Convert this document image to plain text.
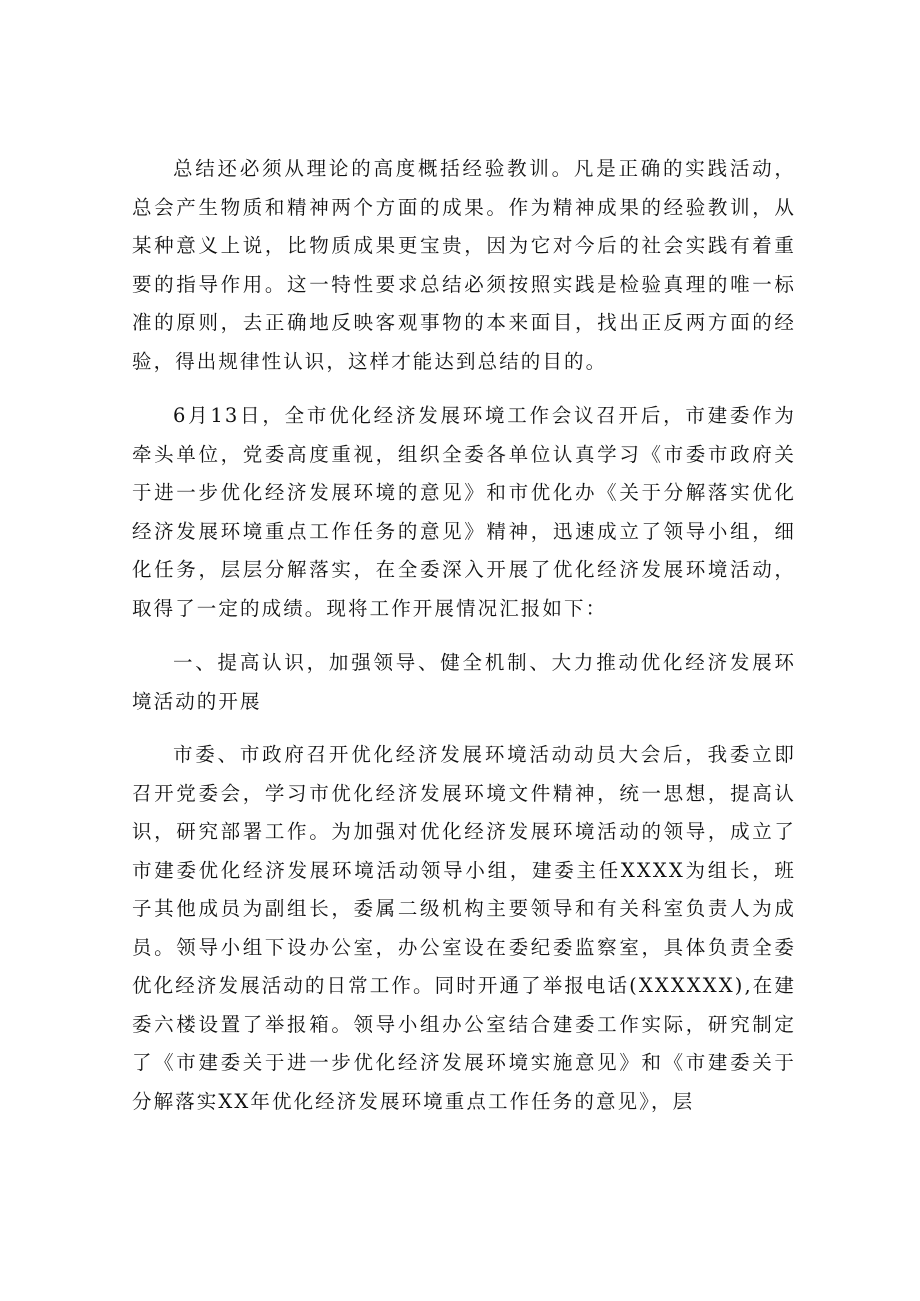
总结还必须从理论的高度概括经验教训。凡是正确的实践活动，总会产生物质和精神两个方面的成果。作为精神成果的经验教训，从某种意义上说，比物质成果更宝贵，因为它对今后的社会实践有着重要的指导作用。这一特性要求总结必须按照实践是检验真理的唯一标准的原则，去正确地反映客观事物的本来面目，找出正反两方面的经验，得出规律性认识，这样才能达到总结的目的。

6月13日，全市优化经济发展环境工作会议召开后，市建委作为牵头单位，党委高度重视，组织全委各单位认真学习《市委市政府关于进一步优化经济发展环境的意见》和市优化办《关于分解落实优化经济发展环境重点工作任务的意见》精神，迅速成立了领导小组，细化任务，层层分解落实，在全委深入开展了优化经济发展环境活动，取得了一定的成绩。现将工作开展情况汇报如下：

一、提高认识，加强领导、健全机制、大力推动优化经济发展环境活动的开展

市委、市政府召开优化经济发展环境活动动员大会后，我委立即召开党委会，学习市优化经济发展环境文件精神，统一思想，提高认识，研究部署工作。为加强对优化经济发展环境活动的领导，成立了市建委优化经济发展环境活动领导小组，建委主任XXXX为组长，班子其他成员为副组长，委属二级机构主要领导和有关科室负责人为成员。领导小组下设办公室，办公室设在委纪委监察室，具体负责全委优化经济发展活动的日常工作。同时开通了举报电话(XXXXXX),在建委六楼设置了举报箱。领导小组办公室结合建委工作实际，研究制定了《市建委关于进一步优化经济发展环境实施意见》和《市建委关于分解落实XX年优化经济发展环境重点工作任务的意见》，层
